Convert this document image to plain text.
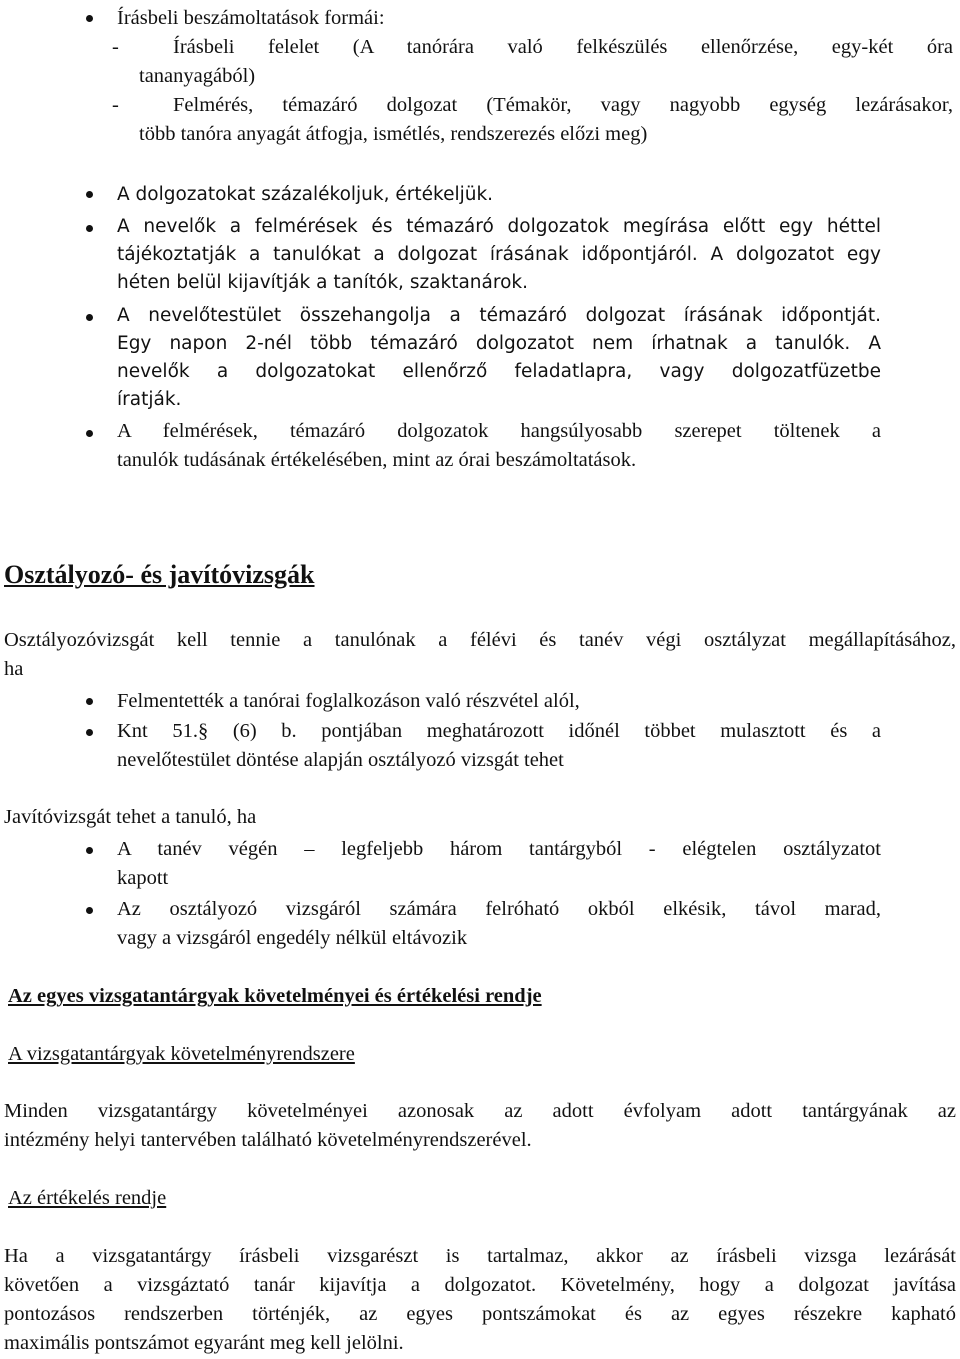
Írásbeli beszámoltatások formái:
-	Írásbeli felelet (A tanórára való felkészülés ellenőrzése, egy-két óra
tananyagából)
-	Felmérés, témazáró dolgozat (Témakör, vagy nagyobb egység lezárásakor,
több tanóra anyagát átfogja, ismétlés, rendszerezés előzi meg)
A dolgozatokat százalékoljuk, értékeljük.
A nevelők a felmérések és témazáró dolgozatok megírása előtt egy héttel
tájékoztatják a tanulókat a dolgozat írásának időpontjáról. A dolgozatot egy
héten belül kijavítják a tanítók, szaktanárok.
A nevelőtestület összehangolja a témazáró dolgozat írásának időpontját.
Egy napon 2-nél több témazáró dolgozatot nem írhatnak a tanulók. A
nevelők a dolgozatokat ellenőrző feladatlapra, vagy dolgozatfüzetbe
íratják.
A felmérések, témazáró dolgozatok hangsúlyosabb szerepet töltenek a
tanulók tudásának értékelésében, mint az órai beszámoltatások.
Osztályozó- és javítóvizsgák
Osztályozóvizsgát kell tennie a tanulónak a félévi és tanév végi osztályzat megállapításához,
ha
Felmentették a tanórai foglalkozáson való részvétel alól,
Knt 51.§ (6) b. pontjában meghatározott időnél többet mulasztott és a
nevelőtestület döntése alapján osztályozó vizsgát tehet
Javítóvizsgát tehet a tanuló, ha
A tanév végén – legfeljebb három tantárgyból - elégtelen osztályzatot
kapott
Az osztályozó vizsgáról számára felróható okból elkésik, távol marad,
vagy a vizsgáról engedély nélkül eltávozik
Az egyes vizsgatantárgyak követelményei és értékelési rendje
A vizsgatantárgyak követelményrendszere
Minden vizsgatantárgy követelményei azonosak az adott évfolyam adott tantárgyának az
intézmény helyi tantervében található követelményrendszerével.
Az értékelés rendje
Ha a vizsgatantárgy írásbeli vizsgarészt is tartalmaz, akkor az írásbeli vizsga lezárását
követően a vizsgáztató tanár kijavítja a dolgozatot. Követelmény, hogy a dolgozat javítása
pontozásos rendszerben történjék, az egyes pontszámokat és az egyes részekre kapható
maximális pontszámot egyaránt meg kell jelölni.
